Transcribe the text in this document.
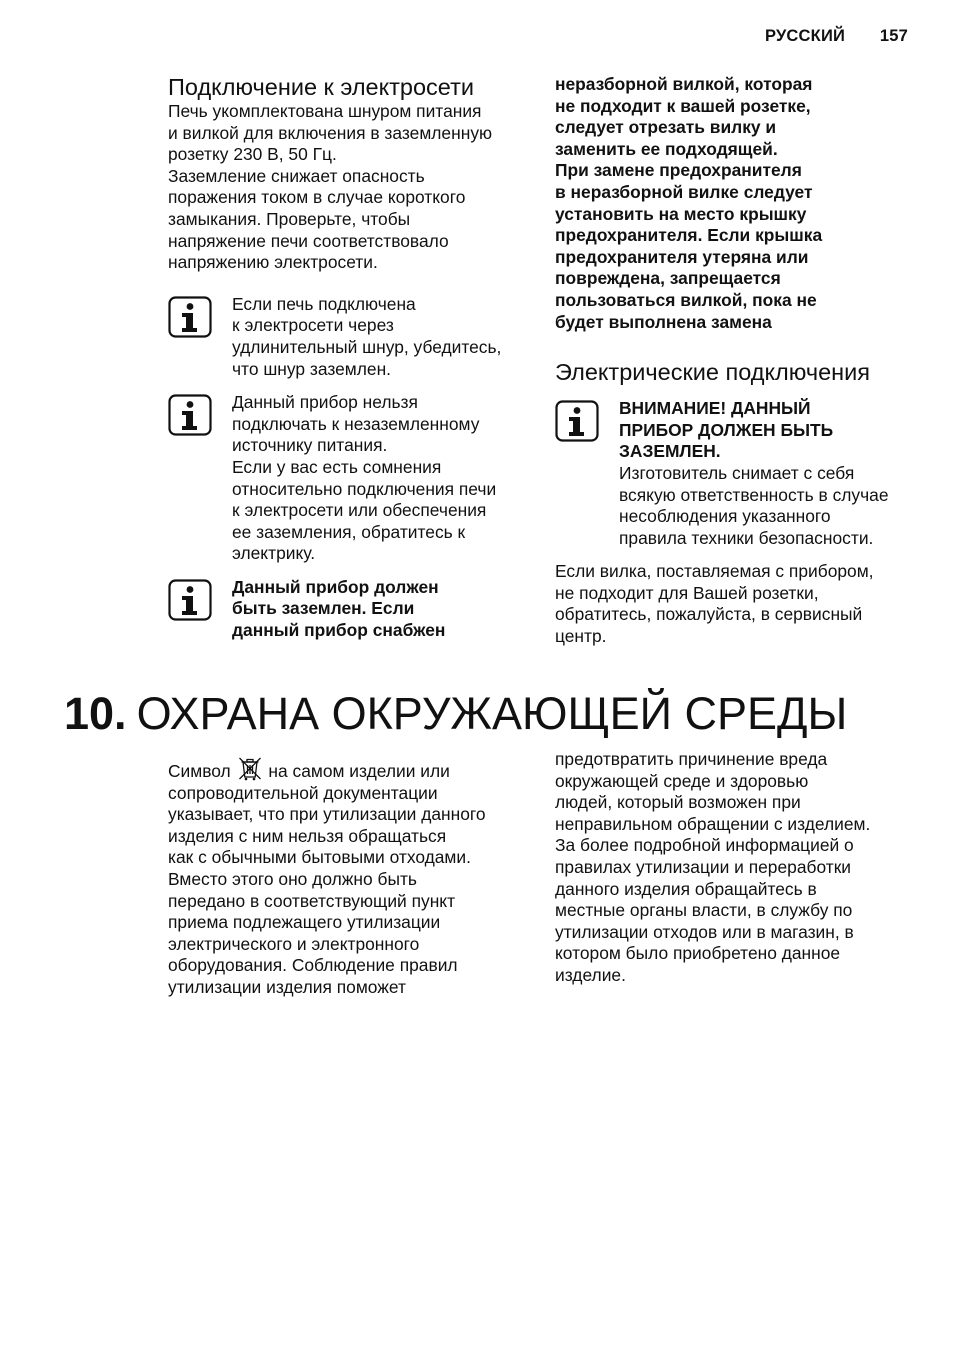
РУССКИЙ 157
Подключение к электросети

Печь укомплектована шнуром питания
и вилкой для включения в заземленную
розетку 230 В, 50 Гц.
Заземление снижает опасность
поражения током в случае короткого
замыкания. Проверьте, чтобы
напряжение печи соответствовало
напряжению электросети.

Если печь подключена
к электросети через
удлинительный шнур, убедитесь,
что шнур заземлен.

Данный прибор нельзя
подключать к незаземленному
источнику питания.
Если у вас есть сомнения
относительно подключения печи
к электросети или обеспечения
ее заземления, обратитесь к
электрику.

Данный прибор должен
быть заземлен. Если
данный прибор снабжен

неразборной вилкой, которая
не подходит к вашей розетке,
следует отрезать вилку и
заменить ее подходящей.
При замене предохранителя
в неразборной вилке следует
установить на место крышку
предохранителя. Если крышка
предохранителя утеряна или
повреждена, запрещается
пользоваться вилкой, пока не
будет выполнена замена

Электрические подключения

ВНИМАНИЕ! ДАННЫЙ
ПРИБОР ДОЛЖЕН БЫТЬ
ЗАЗЕМЛЕН.

Изготовитель снимает с себя
всякую ответственность в случае
несоблюдения указанного
правила техники безопасности.

Если вилка, поставляемая с прибором,
не подходит для Вашей розетки,
обратитесь, пожалуйста, в сервисный
центр.

10. ОХРАНА ОКРУЖАЮЩЕЙ СРЕДЫ

Символ на самом изделии или
сопроводительной документации
указывает, что при утилизации данного
изделия с ним нельзя обращаться
как с обычными бытовыми отходами.
Вместо этого оно должно быть
передано в соответствующий пункт
приема подлежащего утилизации
электрического и электронного
оборудования. Соблюдение правил
утилизации изделия поможет

предотвратить причинение вреда
окружающей среде и здоровью
людей, который возможен при
неправильном обращении с изделием.
За более подробной информацией о
правилах утилизации и переработки
данного изделия обращайтесь в
местные органы власти, в службу по
утилизации отходов или в магазин, в
котором было приобретено данное
изделие.
